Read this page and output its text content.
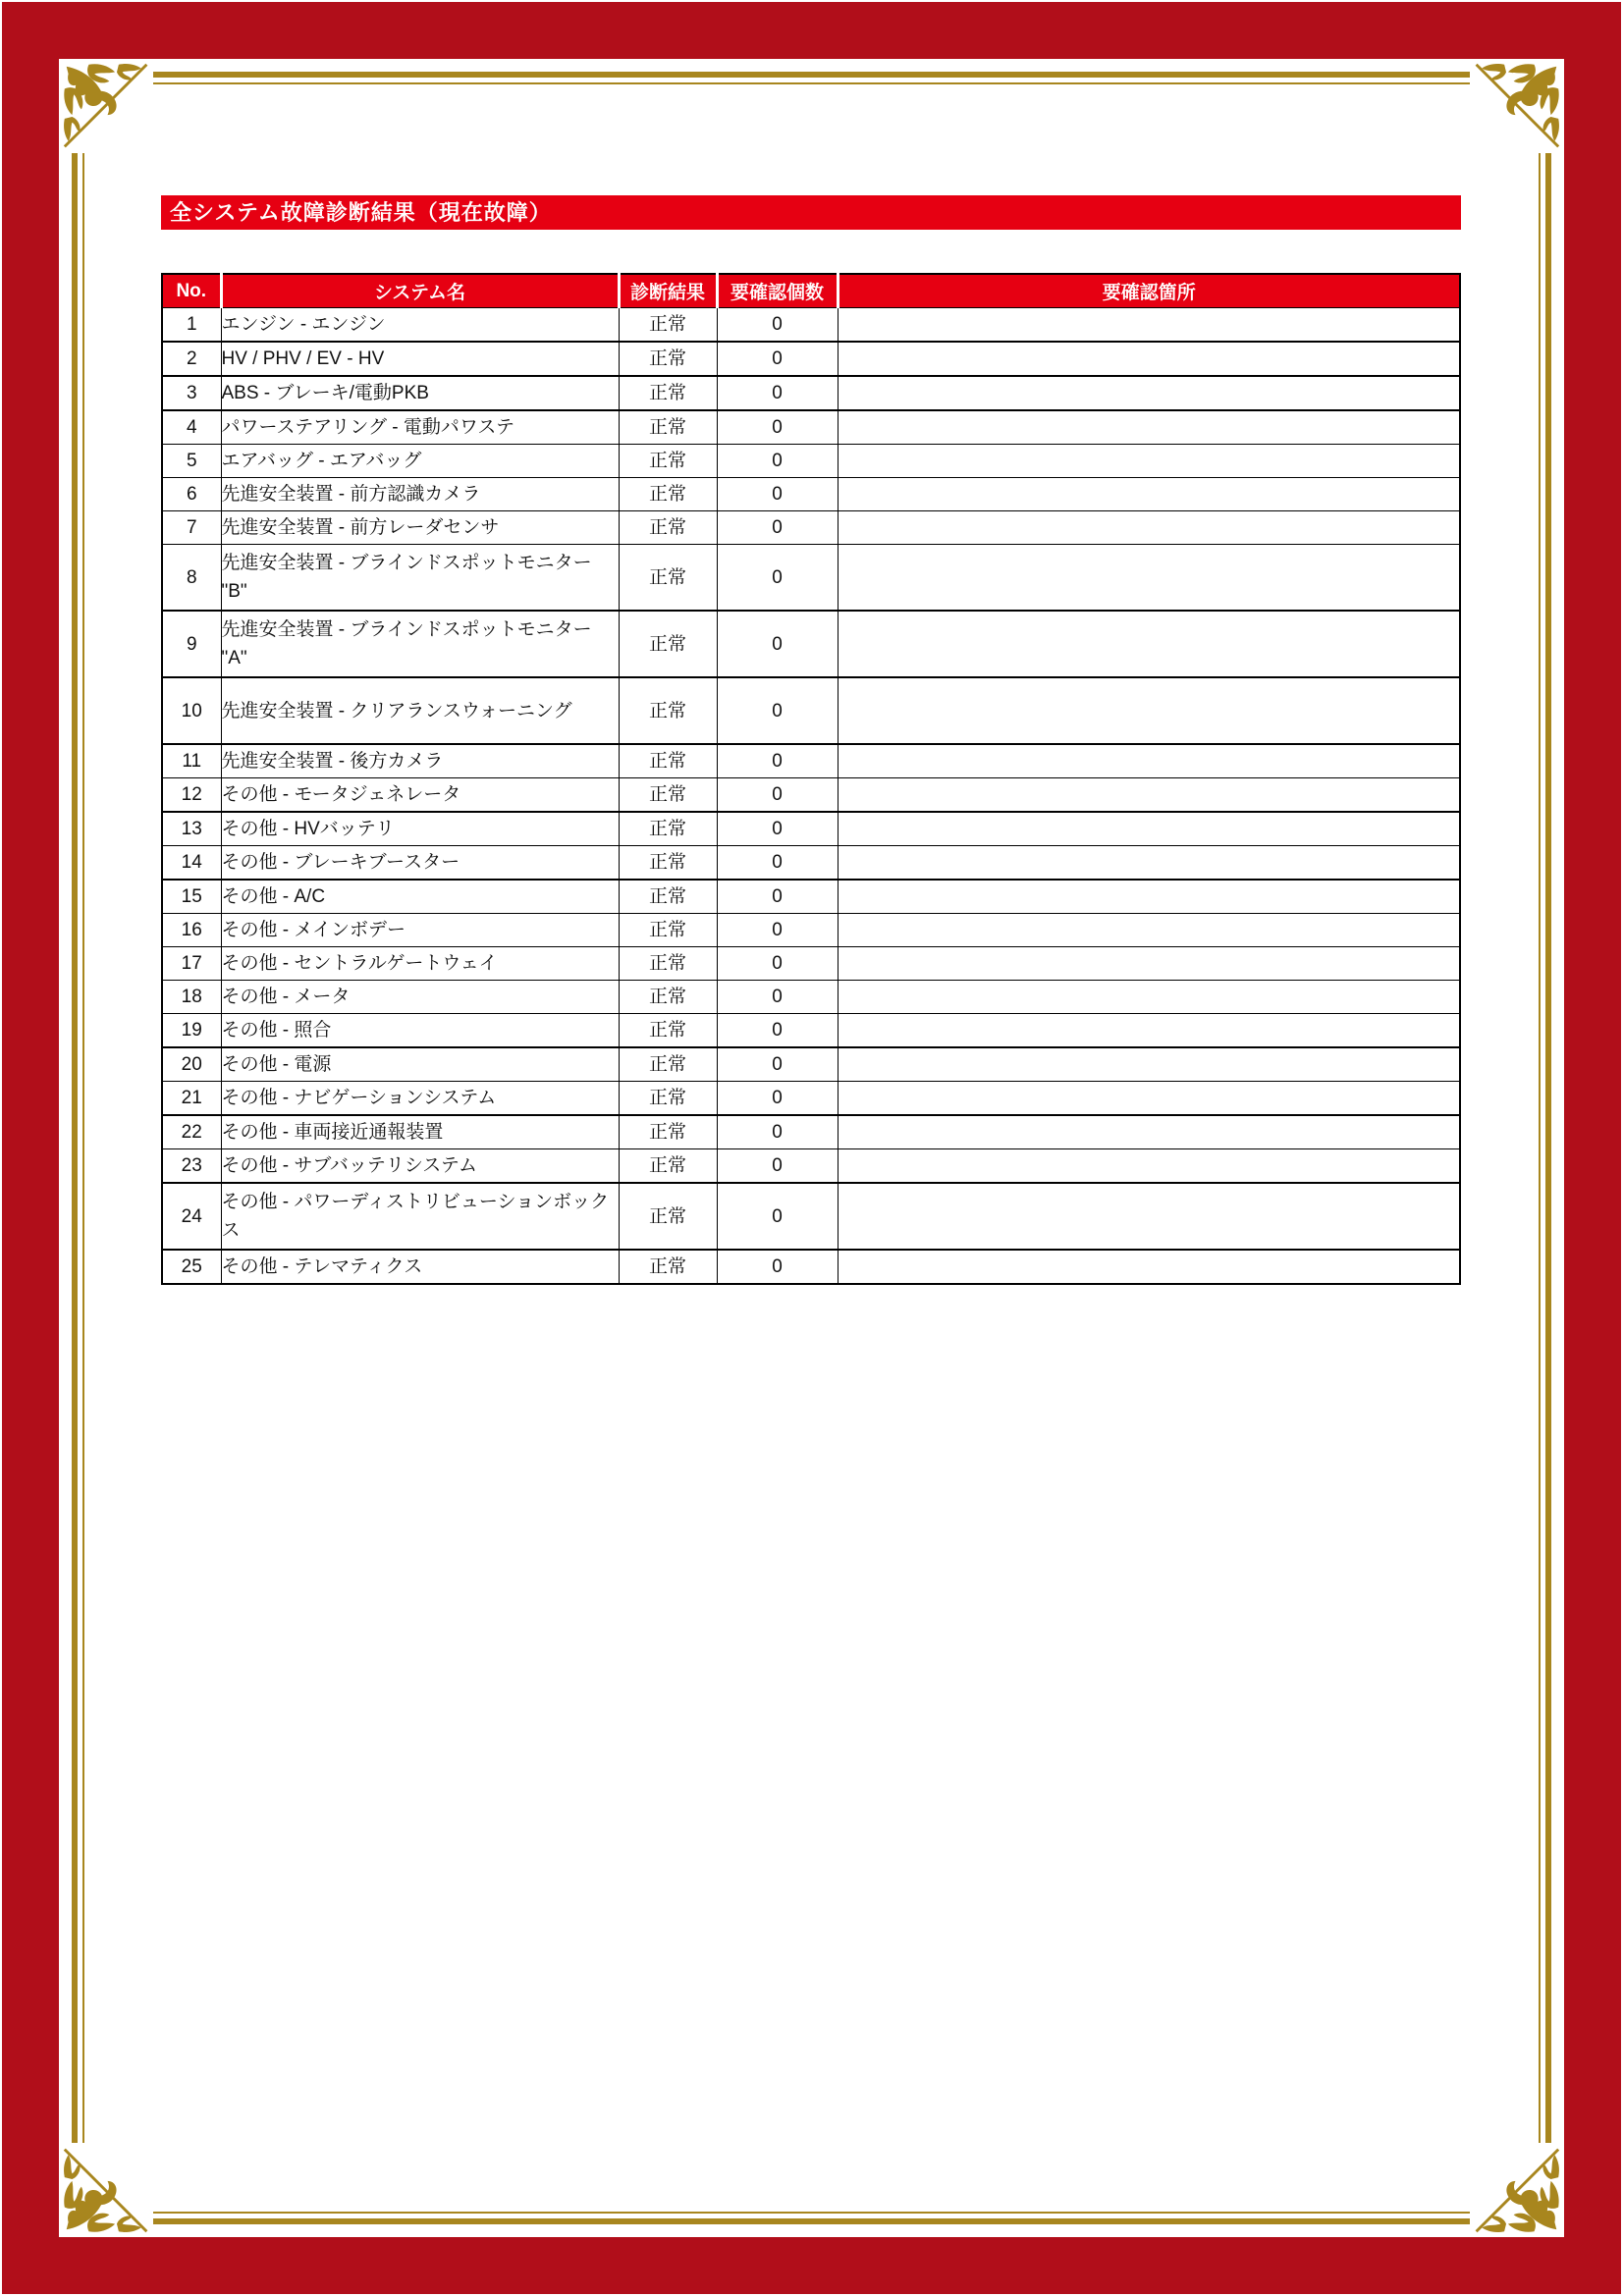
全システム故障診断結果（現在故障）
No.	システム名	診断結果	要確認個数	要確認箇所
1	エンジン - エンジン	正常	0	
2	HV / PHV / EV - HV	正常	0	
3	ABS - ブレーキ/電動PKB	正常	0	
4	パワーステアリング - 電動パワステ	正常	0	
5	エアバッグ - エアバッグ	正常	0	
6	先進安全装置 - 前方認識カメラ	正常	0	
7	先進安全装置 - 前方レーダセンサ	正常	0	
8	先進安全装置 - ブラインドスポットモニター "B"	正常	0	
9	先進安全装置 - ブラインドスポットモニター "A"	正常	0	
10	先進安全装置 - クリアランスウォーニング	正常	0	
11	先進安全装置 - 後方カメラ	正常	0	
12	その他 - モータジェネレータ	正常	0	
13	その他 - HVバッテリ	正常	0	
14	その他 - ブレーキブースター	正常	0	
15	その他 - A/C	正常	0	
16	その他 - メインボデー	正常	0	
17	その他 - セントラルゲートウェイ	正常	0	
18	その他 - メータ	正常	0	
19	その他 - 照合	正常	0	
20	その他 - 電源	正常	0	
21	その他 - ナビゲーションシステム	正常	0	
22	その他 - 車両接近通報装置	正常	0	
23	その他 - サブバッテリシステム	正常	0	
24	その他 - パワーディストリビューションボックス	正常	0	
25	その他 - テレマティクス	正常	0	
